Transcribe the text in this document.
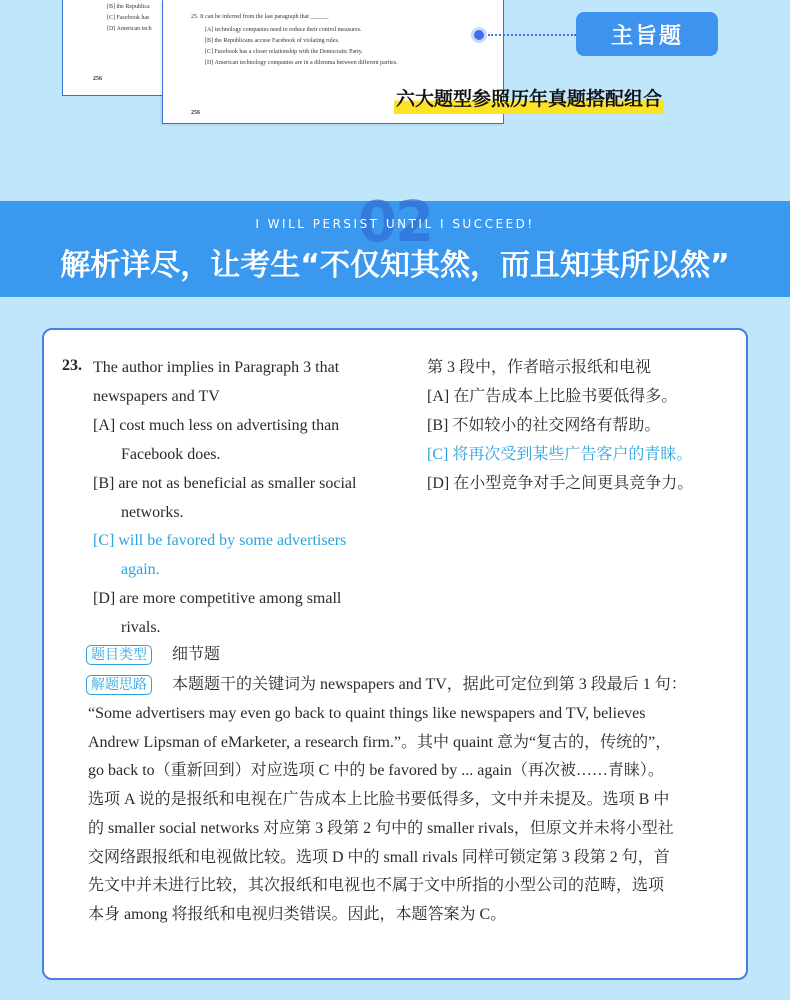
[B] the Republica
[C] Facebook has
[D] American tech
256
25. It can be inferred from the last paragraph that ______
[A] technology companies need to reduce their control measures.
[B] the Republicans accuse Facebook of violating rules.
[C] Facebook has a closer relationship with the Democratic Party.
[D] American technology companies are in a dilemma between different parties.
256
主旨题
六大题型参照历年真题搭配组合
02
I WILL PERSIST UNTIL I SUCCEED!
解析详尽，让考生“不仅知其然，而且知其所以然”
23. The author implies in Paragraph 3 that
newspapers and TV
[A] cost much less on advertising than
Facebook does.
[B] are not as beneficial as smaller social
networks.
[C] will be favored by some advertisers
again.
[D] are more competitive among small
rivals.
第 3 段中，作者暗示报纸和电视
[A] 在广告成本上比脸书要低得多。
[B] 不如较小的社交网络有帮助。
[C] 将再次受到某些广告客户的青睐。
[D] 在小型竞争对手之间更具竞争力。
题目类型	细节题
解题思路	本题题干的关键词为 newspapers and TV，据此可定位到第 3 段最后 1 句：
“Some advertisers may even go back to quaint things like newspapers and TV, believes
Andrew Lipsman of eMarketer, a research firm.”。其中 quaint 意为“复古的，传统的”，
go back to（重新回到）对应选项 C 中的 be favored by ... again（再次被……青睐）。
选项 A 说的是报纸和电视在广告成本上比脸书要低得多，文中并未提及。选项 B 中
的 smaller social networks 对应第 3 段第 2 句中的 smaller rivals，但原文并未将小型社
交网络跟报纸和电视做比较。选项 D 中的 small rivals 同样可锁定第 3 段第 2 句，首
先文中并未进行比较，其次报纸和电视也不属于文中所指的小型公司的范畴，选项
本身 among 将报纸和电视归类错误。因此，本题答案为 C。
